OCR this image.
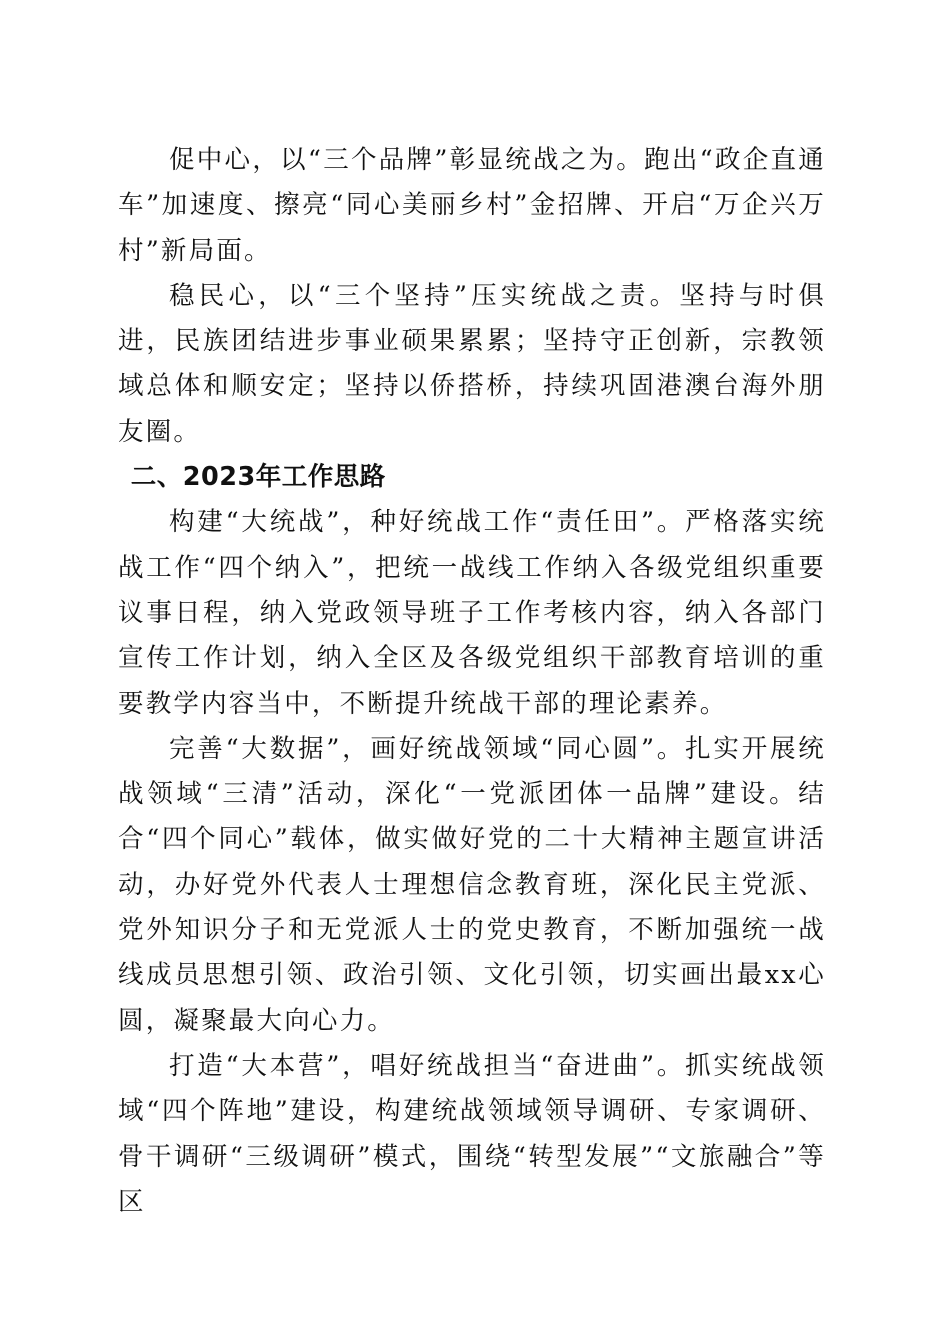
促中心，以“三个品牌”彰显统战之为。跑出“政企直通车”加速度、擦亮“同心美丽乡村”金招牌、开启“万企兴万村”新局面。

稳民心，以“三个坚持”压实统战之责。坚持与时俱进，民族团结进步事业硕果累累；坚持守正创新，宗教领域总体和顺安定；坚持以侨搭桥，持续巩固港澳台海外朋友圈。

二、2023年工作思路

构建“大统战”，种好统战工作“责任田”。严格落实统战工作“四个纳入”，把统一战线工作纳入各级党组织重要议事日程，纳入党政领导班子工作考核内容，纳入各部门宣传工作计划，纳入全区及各级党组织干部教育培训的重要教学内容当中，不断提升统战干部的理论素养。

完善“大数据”，画好统战领域“同心圆”。扎实开展统战领域“三清”活动，深化“一党派团体一品牌”建设。结合“四个同心”载体，做实做好党的二十大精神主题宣讲活动，办好党外代表人士理想信念教育班，深化民主党派、党外知识分子和无党派人士的党史教育，不断加强统一战线成员思想引领、政治引领、文化引领，切实画出最xx心圆，凝聚最大向心力。

打造“大本营”，唱好统战担当“奋进曲”。抓实统战领域“四个阵地”建设，构建统战领域领导调研、专家调研、骨干调研“三级调研”模式，围绕“转型发展”“文旅融合”等区
